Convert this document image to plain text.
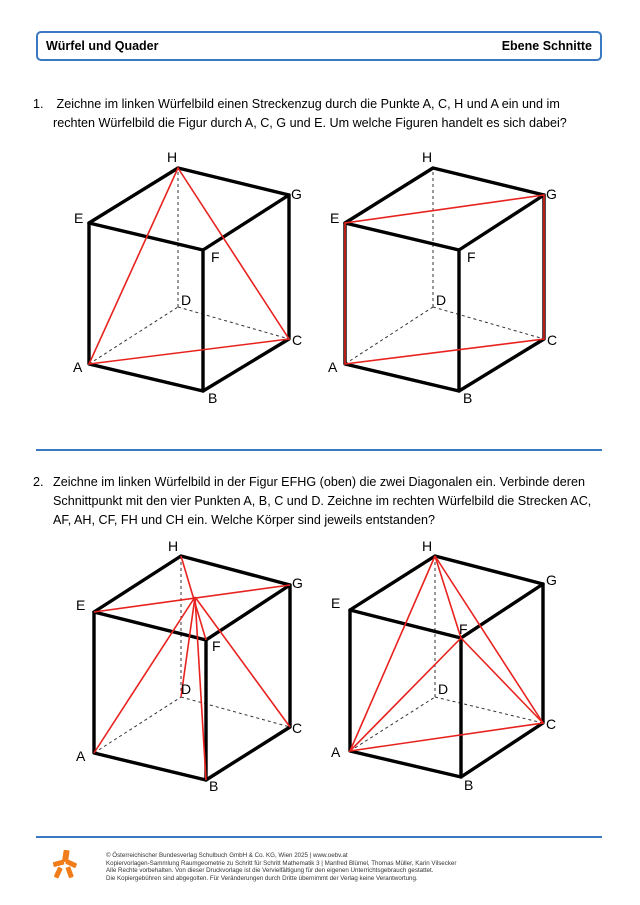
Würfel und Quader	Ebene Schnitte
1. Zeichne im linken Würfelbild einen Streckenzug durch die Punkte A, C, H und A ein und im
rechten Würfelbild die Figur durch A, C, G und E. Um welche Figuren handelt es sich dabei?
2. Zeichne im linken Würfelbild in der Figur EFHG (oben) die zwei Diagonalen ein. Verbinde deren
Schnittpunkt mit den vier Punkten A, B, C und D. Zeichne im rechten Würfelbild die Strecken AC,
AF, AH, CF, FH und CH ein. Welche Körper sind jeweils entstanden?
A
B
C
D
E
F
G
H
A
B
C
D
E
F
G
H
A
B
C
D
E
F
G
H
A
B
C
D
E
F
G
H
© Österreichischer Bundesverlag Schulbuch GmbH & Co. KG, Wien 2025 | www.oebv.at
Kopiervorlagen-Sammlung Raumgeometrie zu Schritt für Schritt Mathematik 3 | Manfred Blümel, Thomas Müller, Karin Vilsecker
Alle Rechte vorbehalten. Von dieser Druckvorlage ist die Vervielfältigung für den eigenen Unterrichtsgebrauch gestattet.
Die Kopiergebühren sind abgegolten. Für Veränderungen durch Dritte übernimmt der Verlag keine Verantwortung.
